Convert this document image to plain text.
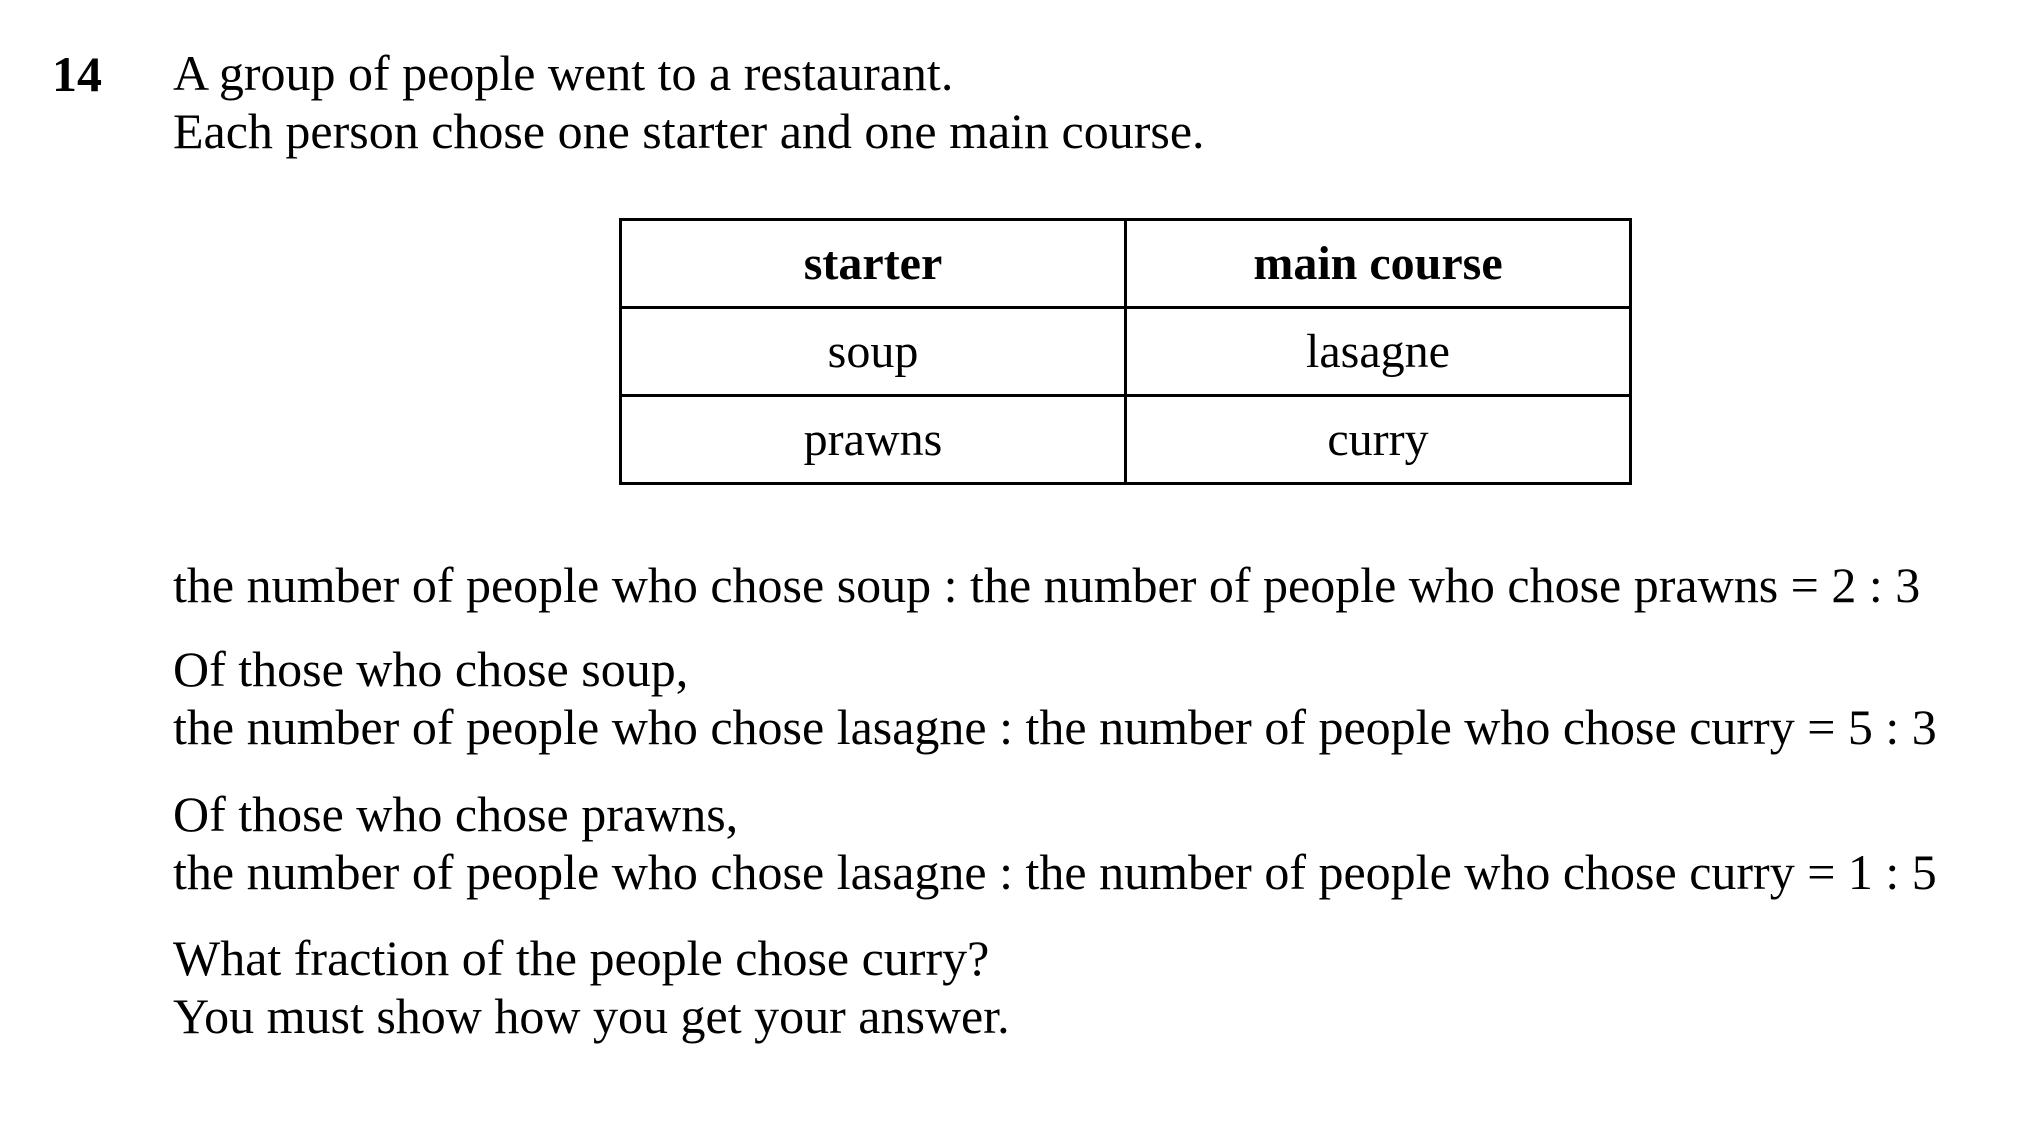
14 A group of people went to a restaurant.
Each person chose one starter and one main course.
starter	main course
soup	lasagne
prawns	curry
the number of people who chose soup : the number of people who chose prawns = 2 : 3
Of those who chose soup,
the number of people who chose lasagne : the number of people who chose curry = 5 : 3
Of those who chose prawns,
the number of people who chose lasagne : the number of people who chose curry = 1 : 5
What fraction of the people chose curry?
You must show how you get your answer.
